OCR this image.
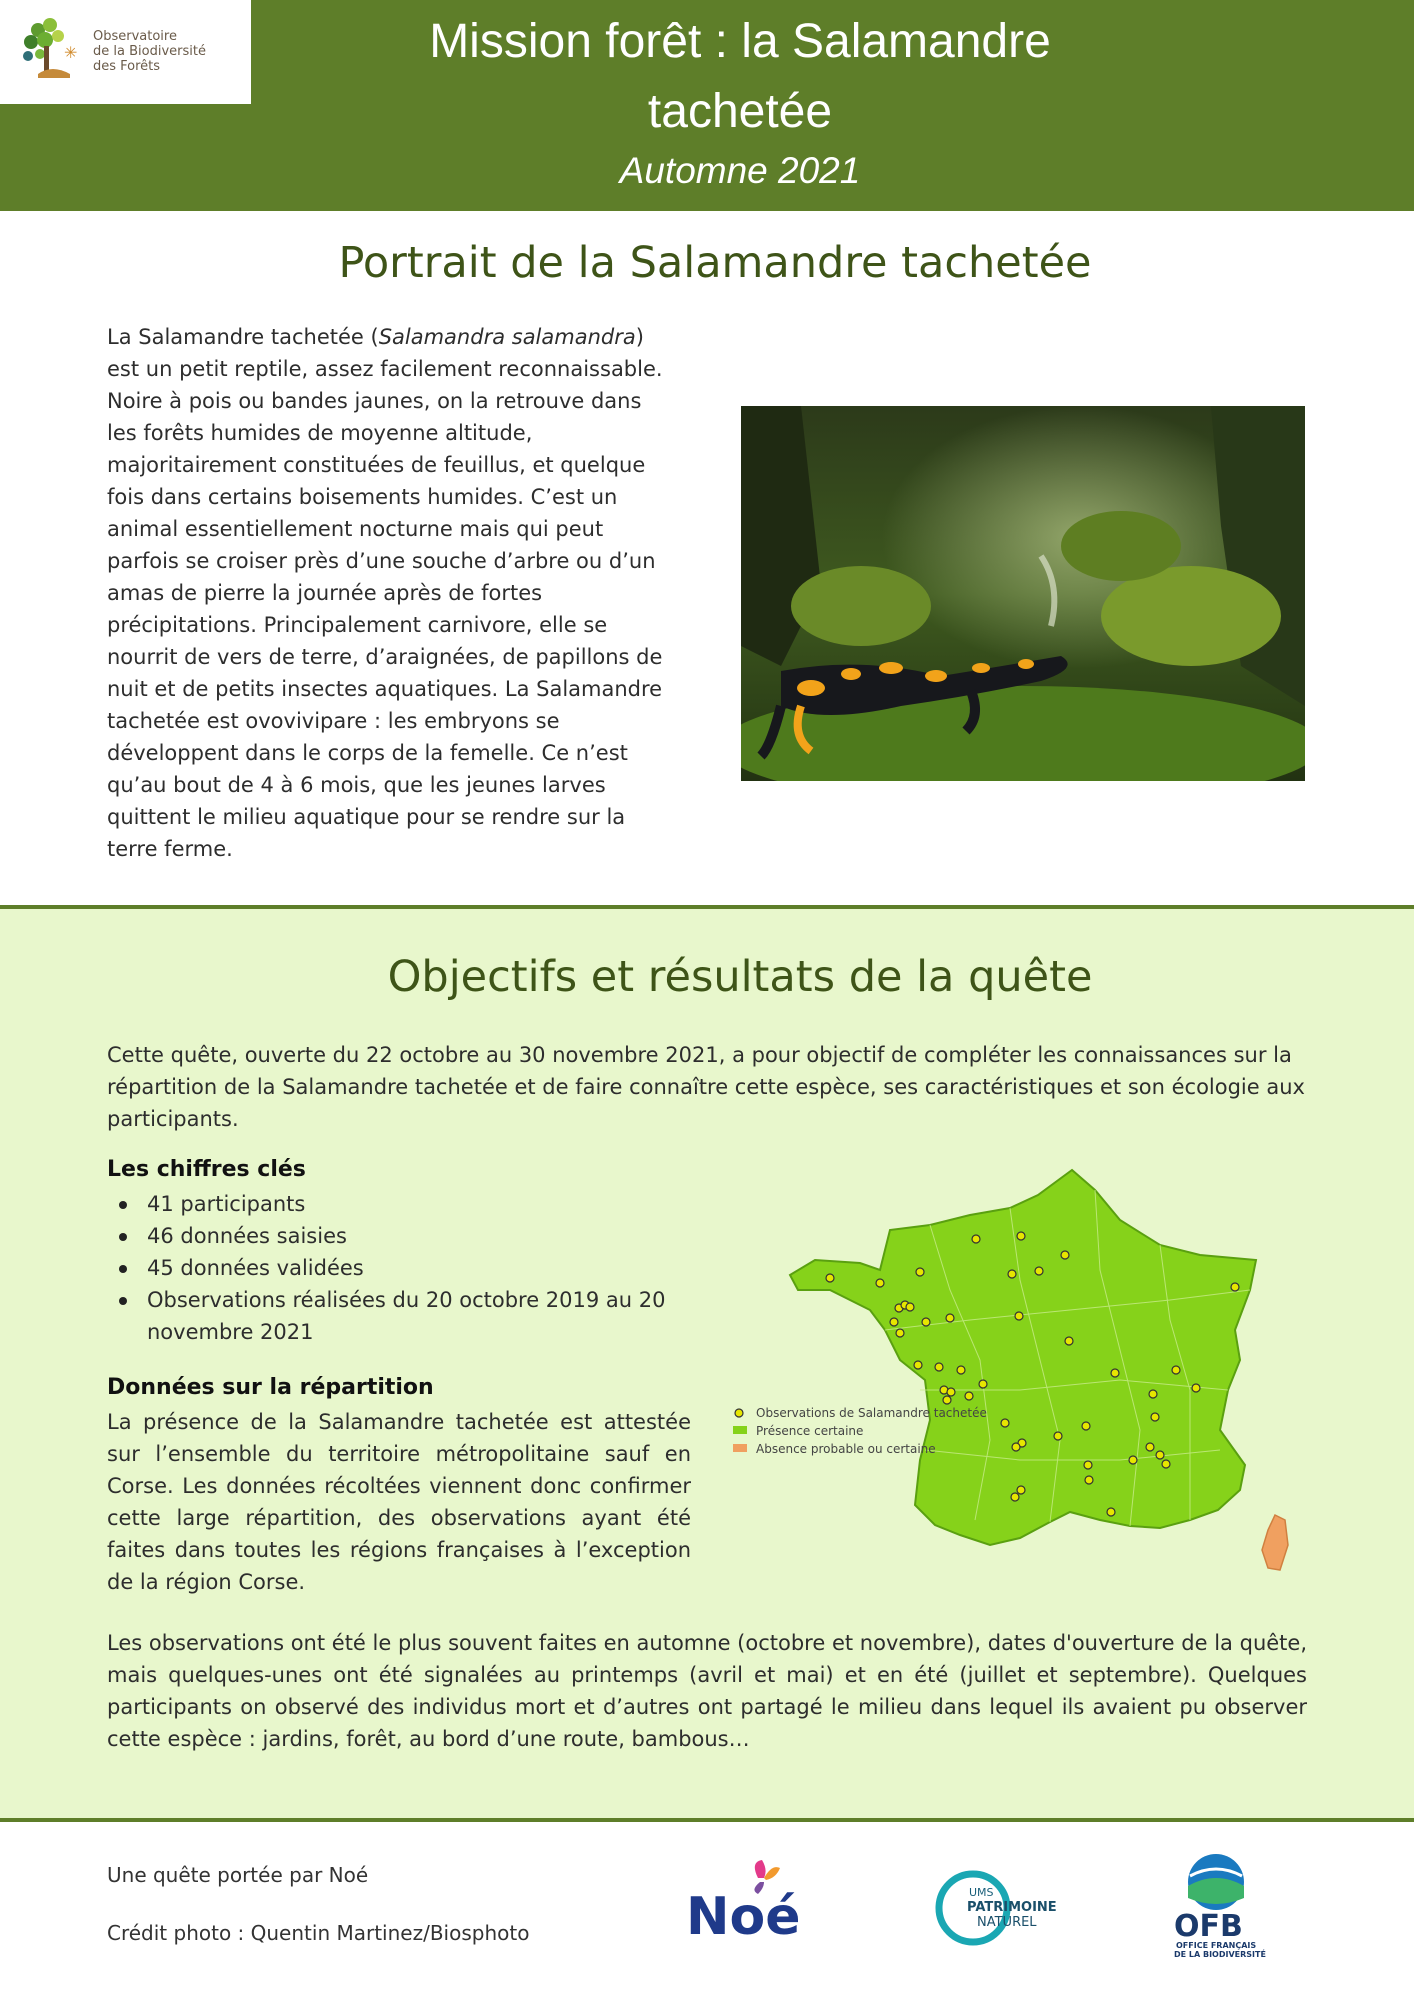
✳
Observatoire
de la Biodiversité
des Forêts	Mission forêt : la Salamandre
tachetée
Automne 2021
Portrait de la Salamandre tachetée
La Salamandre tachetée (Salamandra salamandra) est un petit reptile, assez facilement reconnaissable. Noire à pois ou bandes jaunes, on la retrouve dans les forêts humides de moyenne altitude, majoritairement constituées de feuillus, et quelque fois dans certains boisements humides. C’est un animal essentiellement nocturne mais qui peut parfois se croiser près d’une souche d’arbre ou d’un amas de pierre la journée après de fortes précipitations. Principalement carnivore, elle se nourrit de vers de terre, d’araignées, de papillons de nuit et de petits insectes aquatiques. La Salamandre tachetée est ovovivipare : les embryons se développent dans le corps de la femelle. Ce n’est qu’au bout de 4 à 6 mois, que les jeunes larves quittent le milieu aquatique pour se rendre sur la terre ferme.
Objectifs et résultats de la quête
Cette quête, ouverte du 22 octobre au 30 novembre 2021, a pour objectif de compléter les connaissances sur la répartition de la Salamandre tachetée et de faire connaître cette espèce, ses caractéristiques et son écologie aux participants.
Les chiffres clés
41 participants
46 données saisies
45 données validées
Observations réalisées du 20 octobre 2019 au 20 novembre 2021
Données sur la répartition
La présence de la Salamandre tachetée est attestée sur l’ensemble du territoire métropolitaine sauf en Corse. Les données récoltées viennent donc confirmer cette large répartition, des observations ayant été faites dans toutes les régions françaises à l’exception de la région Corse.
Observations de Salamandre tachetée
Présence certaine
Absence probable ou certaine
Les observations ont été le plus souvent faites en automne (octobre et novembre), dates d'ouverture de la quête, mais quelques-unes ont été signalées au printemps (avril et mai) et en été (juillet et septembre). Quelques participants on observé des individus mort et d’autres ont partagé le milieu dans lequel ils avaient pu observer cette espèce : jardins, forêt, au bord d’une route, bambous…
Une quête portée par Noé
Crédit photo : Quentin Martinez/Biosphoto	Noé	UMS
PATRIMOINE
NATUREL	OFB
OFFICE FRANÇAIS
DE LA BIODIVERSITÉ
